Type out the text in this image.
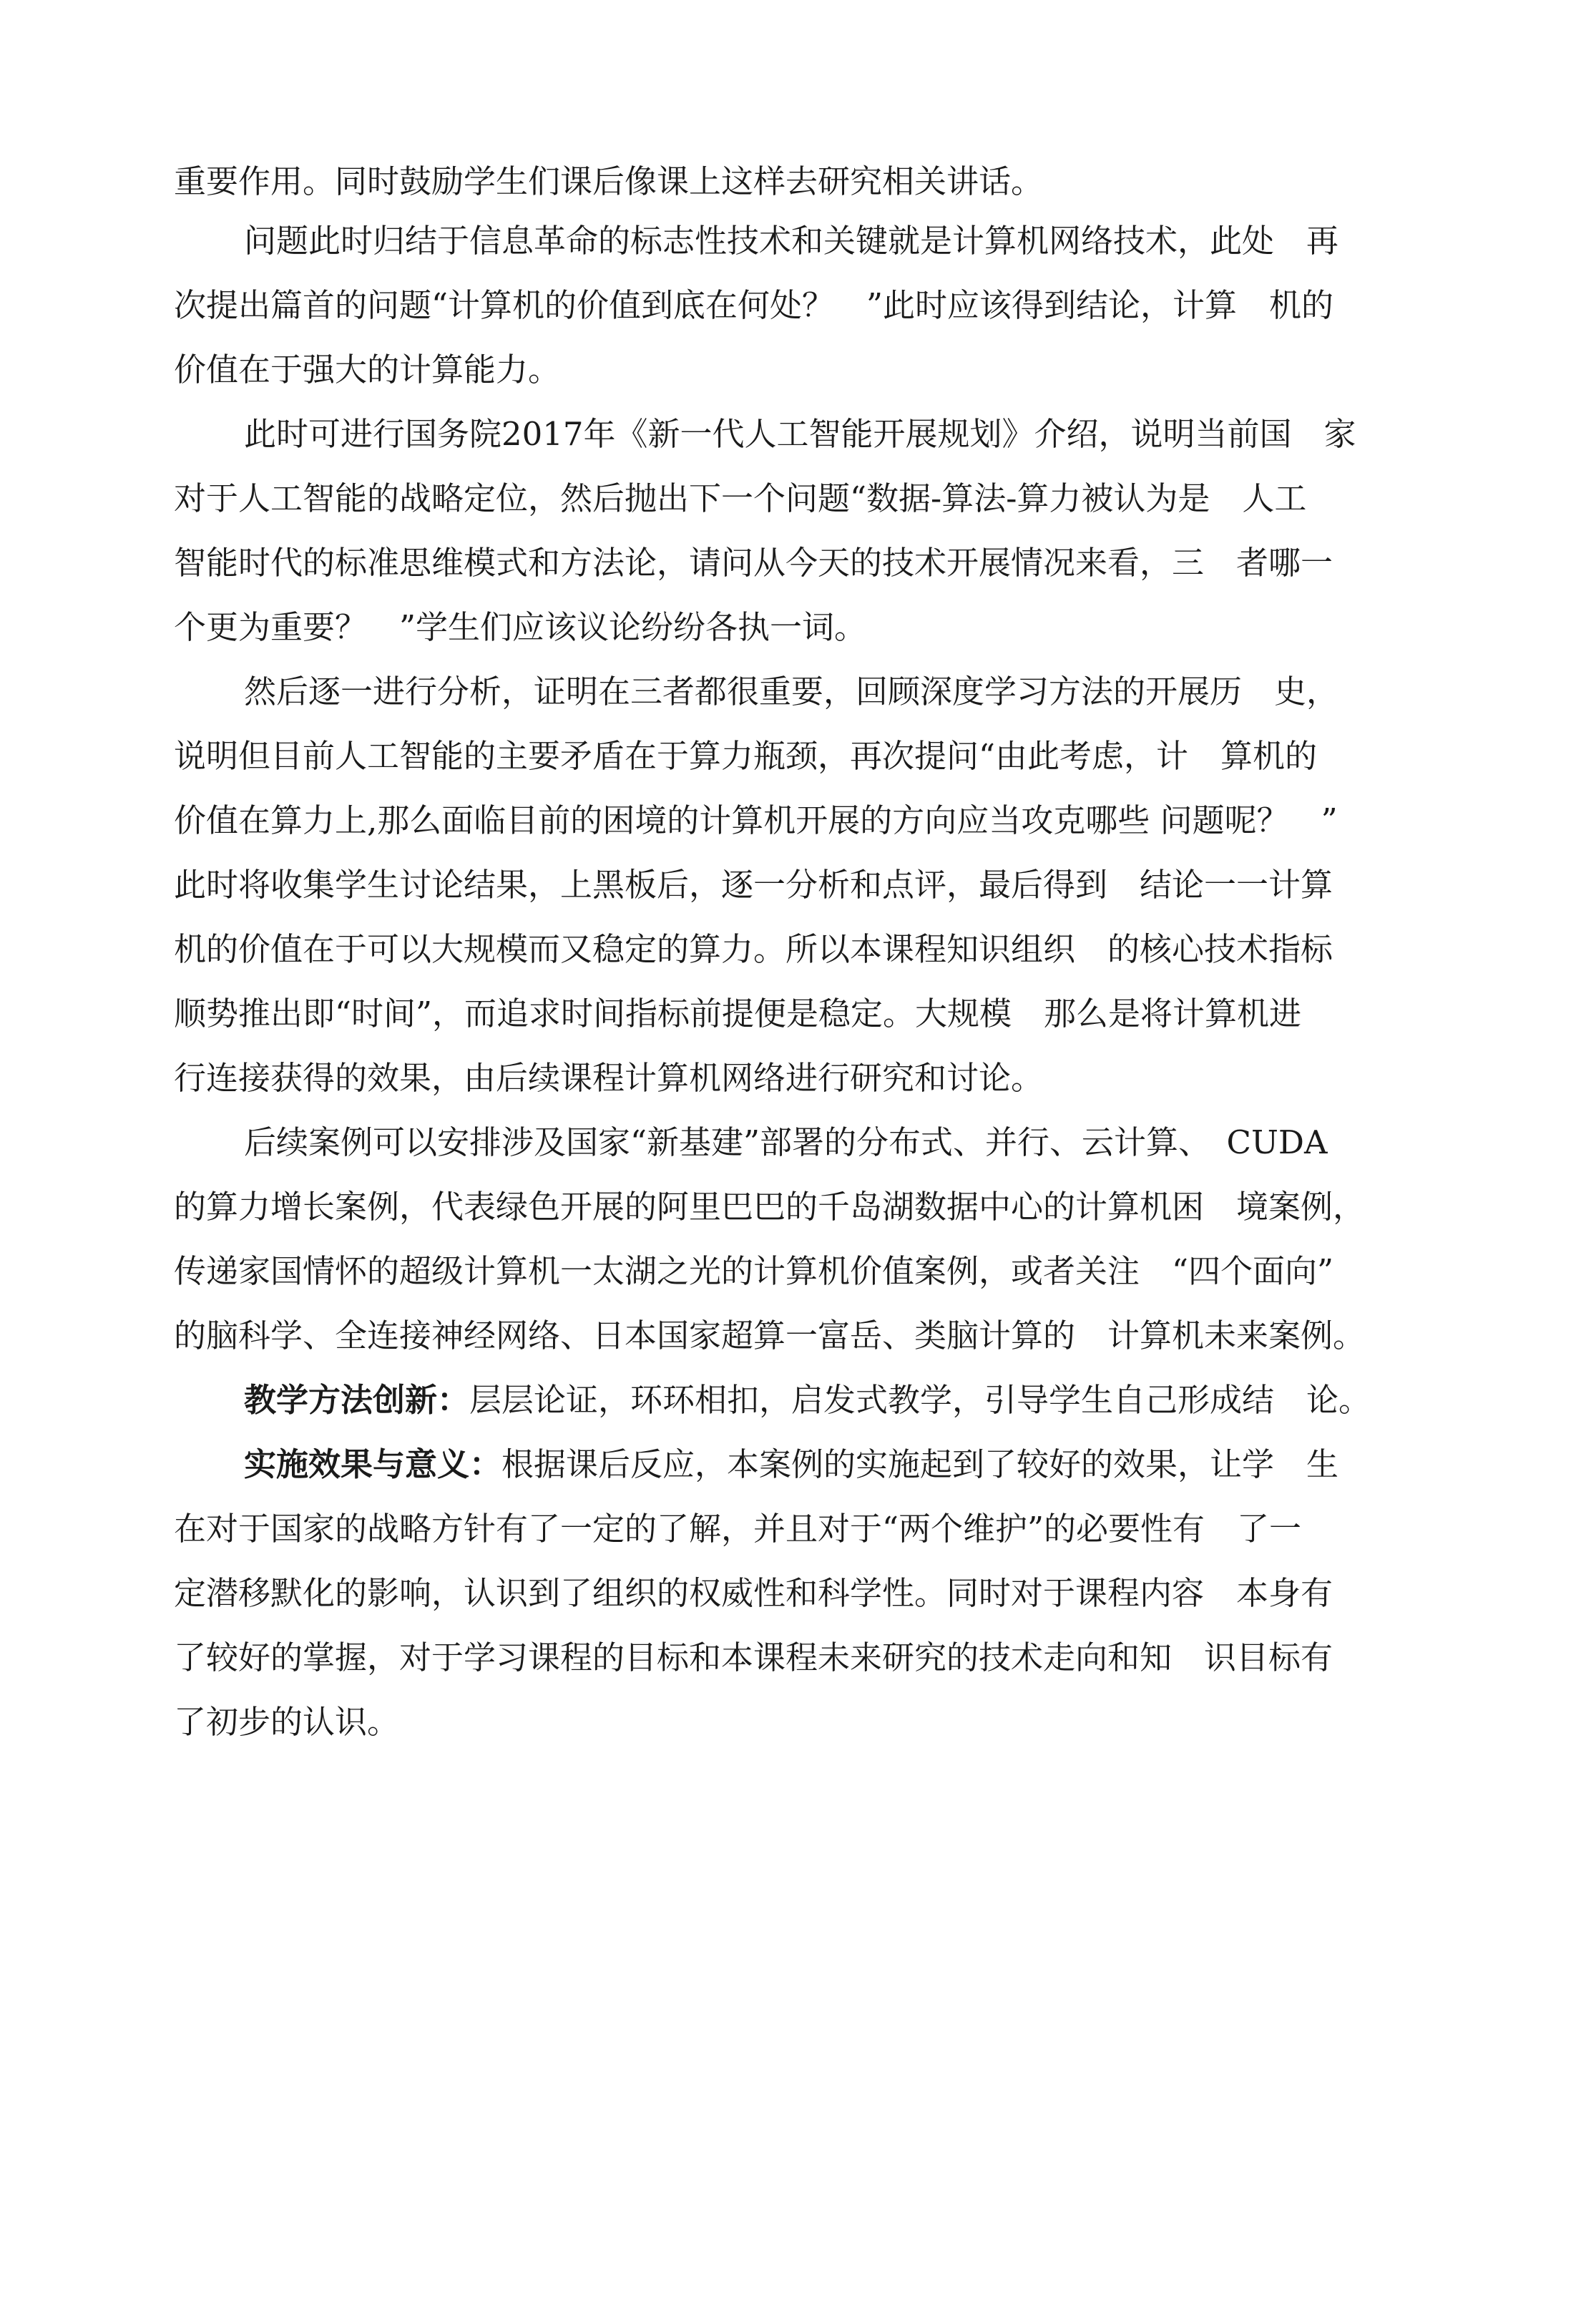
重要作用。同时鼓励学生们课后像课上这样去研究相关讲话。
问题此时归结于信息革命的标志性技术和关键就是计算机网络技术，此处　再
次提出篇首的问题“计算机的价值到底在何处？　”此时应该得到结论，计算　机的
价值在于强大的计算能力。
此时可进行国务院2017年《新一代人工智能开展规划》介绍，说明当前国　家
对于人工智能的战略定位，然后抛出下一个问题“数据-算法-算力被认为是　人工
智能时代的标准思维模式和方法论，请问从今天的技术开展情况来看，三　者哪一
个更为重要？　”学生们应该议论纷纷各执一词。
然后逐一进行分析，证明在三者都很重要，回顾深度学习方法的开展历　史，
说明但目前人工智能的主要矛盾在于算力瓶颈，再次提问“由此考虑，计　算机的
价值在算力上,那么面临目前的困境的计算机开展的方向应当攻克哪些 问题呢？　”
此时将收集学生讨论结果，上黑板后，逐一分析和点评，最后得到　结论一一计算
机的价值在于可以大规模而又稳定的算力。所以本课程知识组织　的核心技术指标
顺势推出即“时间”，而追求时间指标前提便是稳定。大规模　那么是将计算机进
行连接获得的效果，由后续课程计算机网络进行研究和讨论。
后续案例可以安排涉及国家“新基建”部署的分布式、并行、云计算、　CUDA
的算力增长案例，代表绿色开展的阿里巴巴的千岛湖数据中心的计算机困　境案例，
传递家国情怀的超级计算机一太湖之光的计算机价值案例，或者关注　“四个面向”
的脑科学、全连接神经网络、日本国家超算一富岳、类脑计算的　计算机未来案例。
教学方法创新：层层论证，环环相扣，启发式教学，引导学生自己形成结　论。
实施效果与意义：根据课后反应，本案例的实施起到了较好的效果，让学　生
在对于国家的战略方针有了一定的了解，并且对于“两个维护”的必要性有　了一
定潜移默化的影响，认识到了组织的权威性和科学性。同时对于课程内容　本身有
了较好的掌握，对于学习课程的目标和本课程未来研究的技术走向和知　识目标有
了初步的认识。
